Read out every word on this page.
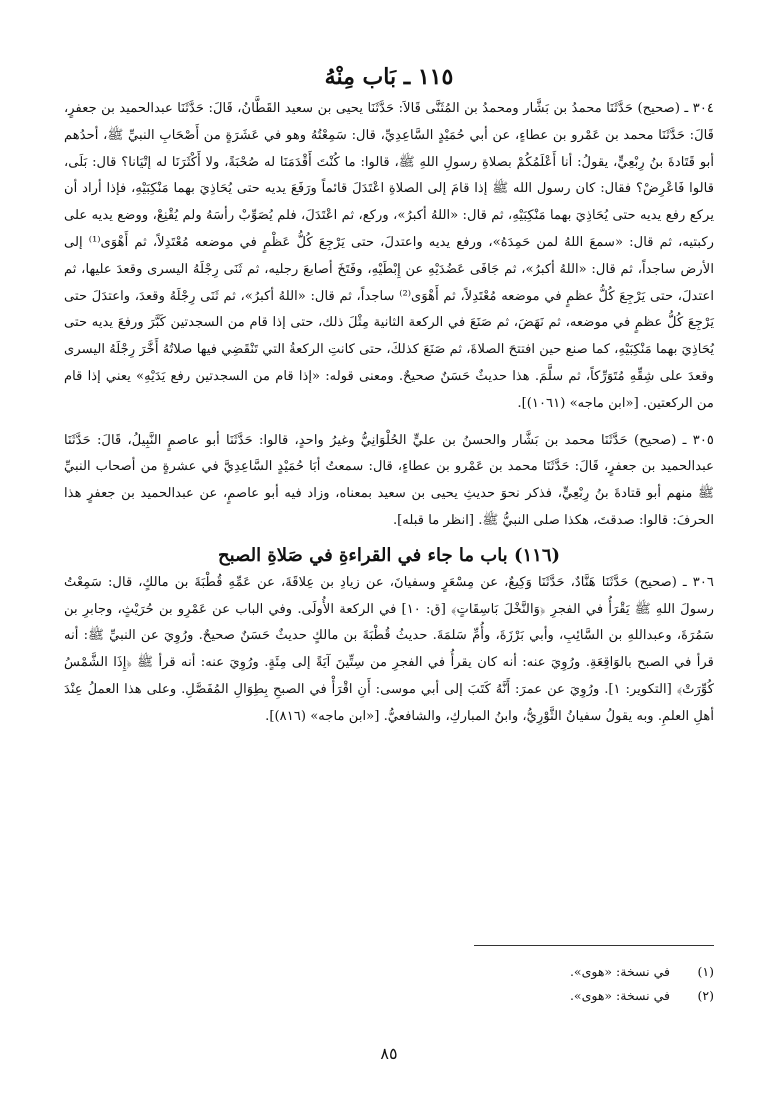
١١٥ ـ بَاب مِنْهُ

٣٠٤ ـ (صحيح) حَدَّثَنَا محمدُ بن بَشَّار ومحمدُ بن المُثَنَّى قَالاَ: حَدَّثَنَا يحيى بن سعيد القَطَّانُ، قَالَ: حَدَّثَنَا عبدالحميد بن جعفرٍ، قَالَ: حَدَّثَنَا محمد بن عَمْرو بن عطاءٍ، عن أبي حُمَيْدٍ السَّاعِدِيِّ، قال: سَمِعْتُهُ وهو في عَشَرَةٍ من أَصْحَابِ النبيِّ ﷺ، أحدُهم أبو قَتَادةَ بنُ رِبْعِيٍّ، يقولُ: أنا أَعْلَمُكُمْ بصلاةِ رسولِ اللهِ ﷺ، قالوا: ما كُنْتَ أَقْدَمَنَا له صُحْبَةً، ولا أَكْثَرَنَا له إتْيَانا؟ قال: بَلَى، قالوا فَاعْرِضْ؟ فقال: كان رسول الله ﷺ إذا قامَ إلى الصلاةِ اعْتَدَلَ قائماً ورَفَعَ يديه حتى يُحَاذِيَ بهما مَنْكِبَيْهِ، فإذا أراد أن يركع رفع يديه حتى يُحَاذِيَ بهما مَنْكِبَيْهِ، ثم قال: «اللهُ أكبرُ»، وركع، ثم اعْتَدَلَ، فلم يُصَوِّبْ رأسَهُ ولم يُقْنِعْ، ووضع يديه على ركبتيه، ثم قال: «سمعَ اللهُ لمن حَمِدَهُ»، ورفع يديه واعتدلَ، حتى يَرْجِعَ كُلُّ عَظْمٍ في موضعه مُعْتَدِلاً، ثم أَهْوَى⁽¹⁾ إلى الأرض ساجداً، ثم قال: «اللهُ أكبرُ»، ثم جَافَى عَضُدَيْهِ عن إِبْطَيْهِ، وفَتَخَ أصابعَ رجليه، ثم ثَنَى رِجْلَهُ اليسرى وقعدَ عليها، ثم اعتدلَ، حتى يَرْجِعَ كُلُّ عظمٍ في موضعه مُعْتَدِلاً، ثم أَهْوَى⁽²⁾ ساجداً، ثم قال: «اللهُ أكبرُ»، ثم ثَنَى رِجْلَهُ وقعدَ، واعتدَلَ حتى يَرْجِعَ كُلُّ عظمٍ في موضعه، ثم نَهَضَ، ثم صَنَعَ في الركعة الثانية مِثْلَ ذلك، حتى إذا قام من السجدتين كَبَّرَ ورفعَ يديه حتى يُحَاذِيَ بهما مَنْكِبَيْهِ، كما صنع حين افتتحَ الصلاةَ، ثم صَنَعَ كذلكَ، حتى كانتِ الركعةُ التي تَنْقَضِي فيها صلاتُهُ أَخَّرَ رِجْلَهُ اليسرى وقعدَ على شِقِّهِ مُتَوَرِّكاً، ثم سلَّمَ. هذا حديثٌ حَسَنٌ صحيحٌ. ومعنى قوله: «إذا قام من السجدتين رفع يَدَيْهِ» يعني إذا قام من الركعتين. [«ابن ماجه» (١٠٦١)].

٣٠٥ ـ (صحيح) حَدَّثَنَا محمد بن بَشَّار والحسنُ بن عليٍّ الحُلْوَانِيُّ وغيرُ واحدٍ، قالوا: حَدَّثَنَا أبو عاصمٍ النَّبِيلُ، قَالَ: حَدَّثَنَا عبدالحميد بن جعفرٍ، قَالَ: حَدَّثَنَا محمد بن عَمْرو بن عطاءٍ، قال: سمعتُ أبَا حُمَيْدٍ السَّاعِدِيَّ في عشرةٍ من أصحاب النبيِّ ﷺ منهم أبو قتادةَ بنُ رِبْعِيٍّ، فذكر نحوَ حديثِ يحيى بن سعيد بمعناه، وزاد فيه أبو عاصمٍ، عن عبدالحميد بن جعفرٍ هذا الحرفَ: قالوا: صدقتَ، هكذا صلى النبيُّ ﷺ. [انظر ما قبله].

(١١٦) باب ما جاء في القراءةِ في صَلاةِ الصبح

٣٠٦ ـ (صحيح) حَدَّثَنَا هَنَّادٌ، حَدَّثَنَا وَكِيعٌ، عن مِسْعَرٍ وسفيانَ، عن زيادِ بن عِلاقَةَ، عن عَمِّهِ قُطْبَةَ بن مالكٍ، قال: سَمِعْتُ رسولَ اللهِ ﷺ يَقْرَأُ في الفجرِ ﴿وَالنَّخْلَ بَاسِقَاتٍ﴾ [ق: ١٠] في الركعة الأُولَى. وفي الباب عن عَمْرِو بن حُرَيْثٍ، وجابرِ بن سَمُرَةَ، وعبداللهِ بن السَّائِبِ، وأبي بَرْزَةَ، وأُمِّ سَلمَةَ. حديثُ قُطْبَةَ بن مالكٍ حديثٌ حَسَنٌ صحيحٌ. ورُوِيَ عن النبيِّ ﷺ: أنه قرأ في الصبح بالوَاقِعَةِ. ورُوِيَ عنه: أنه كان يقرأُ في الفجرِ من سِتِّينَ آيَةً إلى مِئَةٍ. ورُوِيَ عنه: أنه قرأ ﷺ ﴿إِذَا الشَّمْسُ كُوِّرَتْ﴾ [التكوير: ١]. ورُوِيَ عن عمرَ: أَنَّهُ كَتَبَ إلى أبي موسى: أَنِ اقْرَأْ في الصبحِ بِطِوَالِ المُفَصَّلِ. وعلى هذا العملُ عِنْدَ أهلِ العلمِ. وبه يقولُ سفيانُ الثَّوْرِيُّ، وابنُ المباركِ، والشافعيُّ. [«ابن ماجه» (٨١٦)].

(١) في نسخة: «هوى».
(٢) في نسخة: «هوى».
٨٥
